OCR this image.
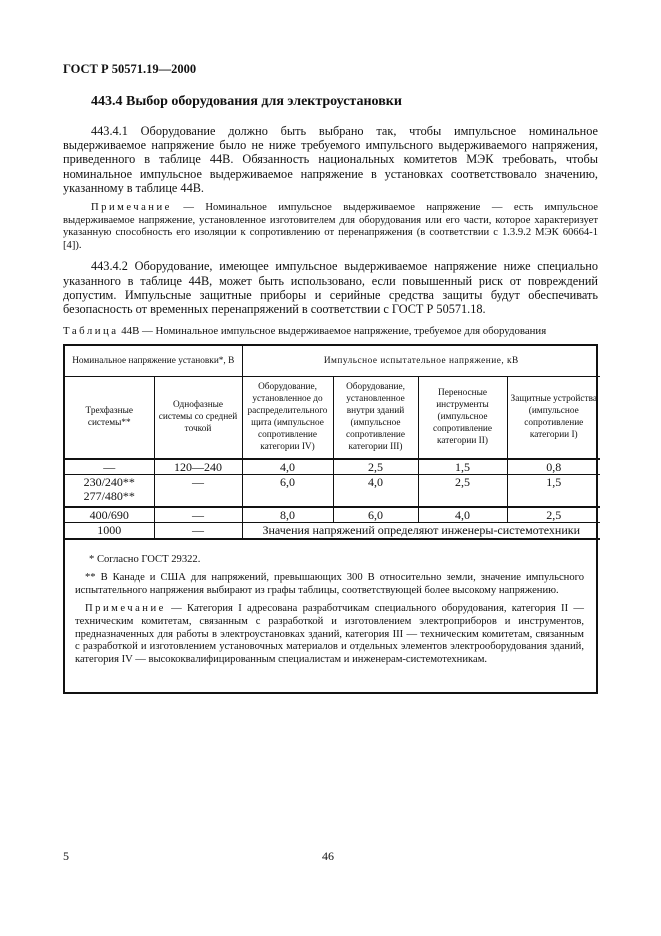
ГОСТ Р 50571.19—2000
443.4 Выбор оборудования для электроустановки
443.4.1 Оборудование должно быть выбрано так, чтобы импульсное номинальное выдерживаемое напряжение было не ниже требуемого импульсного выдерживаемого напряжения, приведенного в таблице 44В. Обязанность национальных комитетов МЭК требовать, чтобы номинальное импульсное выдерживаемое напряжение в установках соответствовало значению, указанному в таблице 44В.
Примечание — Номинальное импульсное выдерживаемое напряжение — есть импульсное выдерживаемое напряжение, установленное изготовителем для оборудования или его части, которое характеризует указанную способность его изоляции к сопротивлению от перенапряжения (в соответствии с 1.3.9.2 МЭК 60664-1 [4]).
443.4.2 Оборудование, имеющее импульсное выдерживаемое напряжение ниже специально указанного в таблице 44В, может быть использовано, если повышенный риск от повреждений допустим. Импульсные защитные приборы и серийные средства защиты будут обеспечивать безопасность от временных перенапряжений в соответствии с ГОСТ Р 50571.18.
Таблица 44В — Номинальное импульсное выдерживаемое напряжение, требуемое для оборудования
Номинальное напряжение установки*, В		Импульсное испытательное напряжение, кВ			
Трехфазные системы**	Однофазные системы со средней точкой	Оборудование, установленное до распределительного щита (импульсное сопротивление категории IV)	Оборудование, установленное внутри зданий (импульсное сопротивление категории III)	Переносные инструменты (импульсное сопротивление категории II)	Защитные устройства (импульсное сопротивление категории I)
—	120—240	4,0	2,5	1,5	0,8
230/240** 277/480**	—	6,0	4,0	2,5	1,5
400/690	—	8,0	6,0	4,0	2,5
1000	—	Значения напряжений определяют инженеры-системотехники			
* Согласно ГОСТ 29322.
** В Канаде и США для напряжений, превышающих 300 В относительно земли, значение импульсного испытательного напряжения выбирают из графы таблицы, соответствующей более высокому напряжению.
Примечание — Категория I адресована разработчикам специального оборудования, категория II — техническим комитетам, связанным с разработкой и изготовлением электроприборов и инструментов, предназначенных для работы в электроустановках зданий, категория III — техническим комитетам, связанным с разработкой и изготовлением установочных материалов и отдельных элементов электрооборудования зданий, категория IV — высококвалифицированным специалистам и инженерам-системотехникам.
5	46
